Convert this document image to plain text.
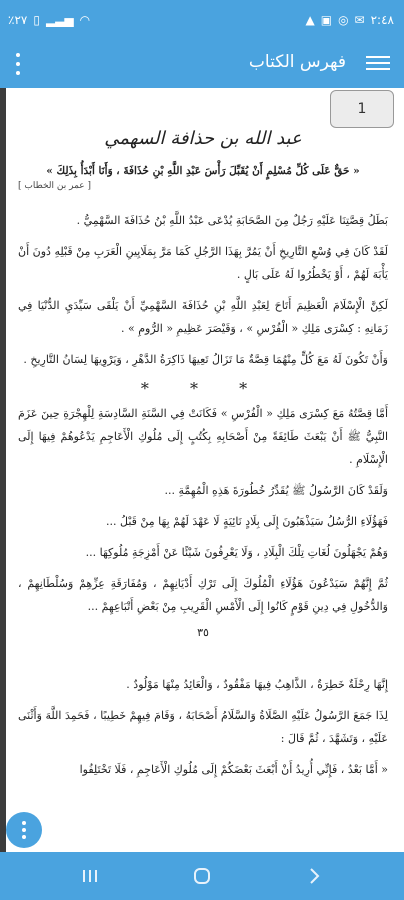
٪٢٧ ▯ ▂▃▅ ◠	▲ ▣ ◎ ✉ ٢:٤٨
فهرس الكتاب
1
عبد الله بن حذافة السهمي
« حَقٌّ عَلَى كُلِّ مُسْلِمٍ أَنْ يُقَبِّلَ رَأْسَ عَبْدِ اللَّهِ بْنِ حُذَافَةَ ، وَأَنَا أَبْدَأُ بِذَلِكَ »
[ عمر بن الخطاب ]

بَطَلُ قِصَّتِنَا عَلَيْهِ رَجُلٌ مِنَ الصَّحَابَةِ يُدْعَى عَبْدُ اللَّهِ بْنُ حُذَافَةَ السَّهْمِيُّ .

لَقَدْ كَانَ فِي وُسْعِ التَّارِيخِ أَنْ يَمُرَّ بِهَذَا الرَّجُلِ كَمَا مَرَّ بِمَلَايِينِ الْعَرَبِ مِنْ قَبْلِهِ دُونَ أَنْ يَأْبَهَ لَهُمْ ، أَوْ يَخْطُرُوا لَهُ عَلَى بَالٍ .

لَكِنَّ الْإِسْلَامَ الْعَظِيمَ أَتَاحَ لِعَبْدِ اللَّهِ بْنِ حُذَافَةَ السَّهْمِيِّ أَنْ يَلْقَى سَيِّدَيِ الدُّنْيَا فِي زَمَانِهِ : كِسْرَى مَلِكِ « الْفُرْسِ » ، وَقَيْصَرَ عَظِيمِ « الرُّومِ » .

وَأَنْ تَكُونَ لَهُ مَعَ كُلٍّ مِنْهُمَا قِصَّةٌ مَا تَزَالُ تَعِيهَا ذَاكِرَةُ الدَّهْرِ ، وَيَرْوِيهَا لِسَانُ التَّارِيخِ .

* * *

أَمَّا قِصَّتُهُ مَعَ كِسْرَى مَلِكِ « الْفُرْسِ » فَكَانَتْ فِي السَّنَةِ السَّادِسَةِ لِلْهِجْرَةِ حِينَ عَزَمَ النَّبِيُّ ﷺ أَنْ يَبْعَثَ طَائِفَةً مِنْ أَصْحَابِهِ بِكُتُبٍ إِلَى مُلُوكِ الْأَعَاجِمِ يَدْعُوهُمْ فِيهَا إِلَى الْإِسْلَامِ .

وَلَقَدْ كَانَ الرَّسُولُ ﷺ يُقَدِّرُ خُطُورَةَ هَذِهِ الْمُهِمَّةِ ...

فَهَؤُلَاءِ الرُّسُلُ سَيَذْهَبُونَ إِلَى بِلَادٍ نَائِيَةٍ لَا عَهْدَ لَهُمْ بِهَا مِنْ قَبْلُ ...

وَهُمْ يَجْهَلُونَ لُغَاتِ تِلْكَ الْبِلَادِ ، وَلَا يَعْرِفُونَ شَيْئًا عَنْ أَمْزِجَةِ مُلُوكِهَا ...

ثُمَّ إِنَّهُمْ سَيَدْعُونَ هَؤُلَاءِ الْمُلُوكَ إِلَى تَرْكِ أَدْيَانِهِمْ ، وَمُفَارَقَةِ عِزِّهِمْ وَسُلْطَانِهِمْ ، وَالدُّخُولِ فِي دِينِ قَوْمٍ كَانُوا إِلَى الْأَمْسِ الْقَرِيبِ مِنْ بَعْضِ أَتْبَاعِهِمْ ...

٣٥

إِنَّهَا رِحْلَةٌ خَطِرَةٌ ، الذَّاهِبُ فِيهَا مَفْقُودٌ ، وَالْعَائِدُ مِنْهَا مَوْلُودٌ .

لِذَا جَمَعَ الرَّسُولُ عَلَيْهِ الصَّلَاةُ وَالسَّلَامُ أَصْحَابَهُ ، وَقَامَ فِيهِمْ خَطِيبًا ، فَحَمِدَ اللَّهَ وَأَثْنَى عَلَيْهِ ، وَتَشَهَّدَ ، ثُمَّ قَالَ :

« أَمَّا بَعْدُ ، فَإِنِّي أُرِيدُ أَنْ أَبْعَثَ بَعْضَكُمْ إِلَى مُلُوكِ الْأَعَاجِمِ ، فَلَا تَخْتَلِفُوا
